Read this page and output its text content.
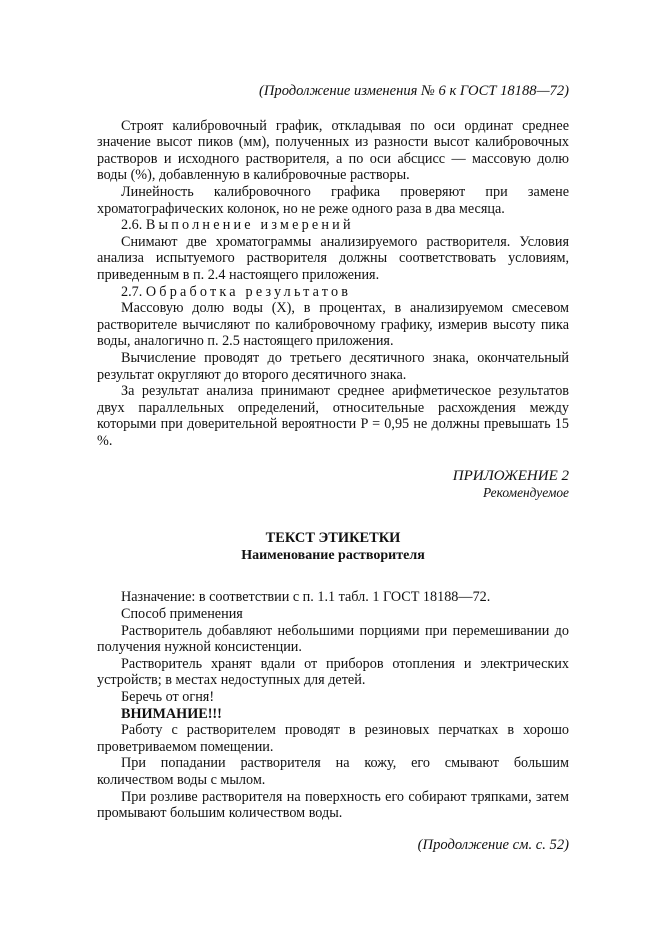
(Продолжение изменения № 6 к ГОСТ 18188—72)

Строят калибровочный график, откладывая по оси ординат среднее значение высот пиков (мм), полученных из разности высот калибровочных растворов и исходного растворителя, а по оси абсцисс — массовую долю воды (%), добавленную в калибровочные растворы.

Линейность калибровочного графика проверяют при замене хроматографических колонок, но не реже одного раза в два месяца.

2.6. Выполнение измерений

Снимают две хроматограммы анализируемого растворителя. Условия анализа испытуемого растворителя должны соответствовать условиям, приведенным в п. 2.4 настоящего приложения.

2.7. Обработка результатов

Массовую долю воды (X), в процентах, в анализируемом смесевом растворителе вычисляют по калибровочному графику, измерив высоту пика воды, аналогично п. 2.5 настоящего приложения.

Вычисление проводят до третьего десятичного знака, окончательный результат округляют до второго десятичного знака.

За результат анализа принимают среднее арифметическое результатов двух параллельных определений, относительные расхождения между которыми при доверительной вероятности P = 0,95 не должны превышать 15 %.

ПРИЛОЖЕНИЕ 2

Рекомендуемое

ТЕКСТ ЭТИКЕТКИ

Наименование растворителя

Назначение: в соответствии с п. 1.1 табл. 1 ГОСТ 18188—72.

Способ применения

Растворитель добавляют небольшими порциями при перемешивании до получения нужной консистенции.

Растворитель хранят вдали от приборов отопления и электрических устройств; в местах недоступных для детей.

Беречь от огня!

ВНИМАНИЕ!!!

Работу с растворителем проводят в резиновых перчатках в хорошо проветриваемом помещении.

При попадании растворителя на кожу, его смывают большим количеством воды с мылом.

При розливе растворителя на поверхность его собирают тряпками, затем промывают большим количеством воды.

(Продолжение см. с. 52)
